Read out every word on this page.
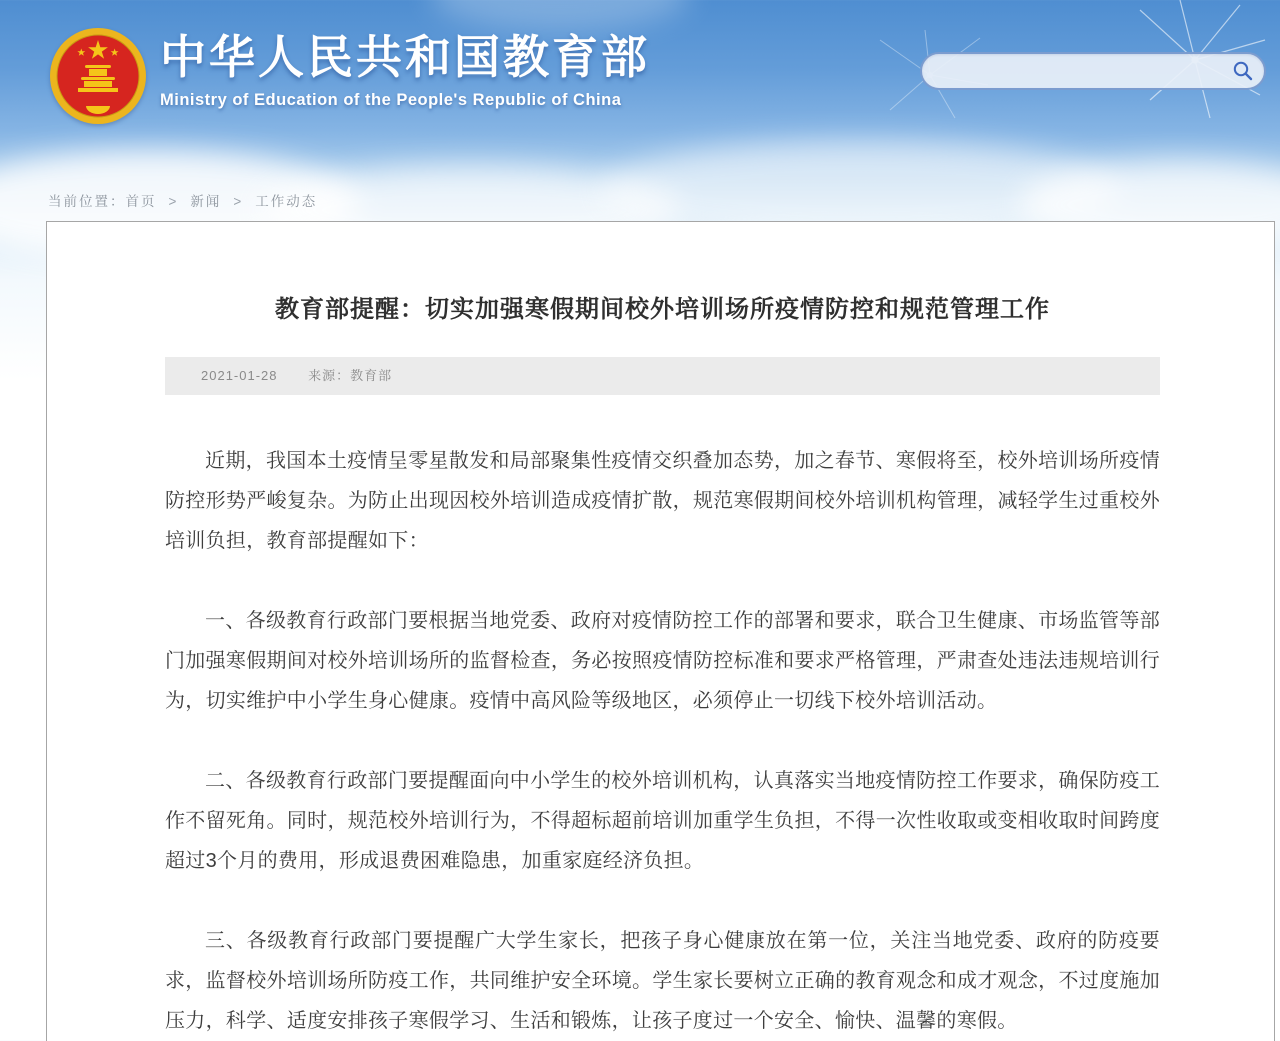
中华人民共和国教育部
Ministry of Education of the People's Republic of China
当前位置：首页 > 新闻 > 工作动态
教育部提醒：切实加强寒假期间校外培训场所疫情防控和规范管理工作
2021-01-28 来源：教育部

近期，我国本土疫情呈零星散发和局部聚集性疫情交织叠加态势，加之春节、寒假将至，校外培训场所疫情防控形势严峻复杂。为防止出现因校外培训造成疫情扩散，规范寒假期间校外培训机构管理，减轻学生过重校外培训负担，教育部提醒如下：

一、各级教育行政部门要根据当地党委、政府对疫情防控工作的部署和要求，联合卫生健康、市场监管等部门加强寒假期间对校外培训场所的监督检查，务必按照疫情防控标准和要求严格管理，严肃查处违法违规培训行为，切实维护中小学生身心健康。疫情中高风险等级地区，必须停止一切线下校外培训活动。

二、各级教育行政部门要提醒面向中小学生的校外培训机构，认真落实当地疫情防控工作要求，确保防疫工作不留死角。同时，规范校外培训行为，不得超标超前培训加重学生负担，不得一次性收取或变相收取时间跨度超过3个月的费用，形成退费困难隐患，加重家庭经济负担。

三、各级教育行政部门要提醒广大学生家长，把孩子身心健康放在第一位，关注当地党委、政府的防疫要求，监督校外培训场所防疫工作，共同维护安全环境。学生家长要树立正确的教育观念和成才观念，不过度施加压力，科学、适度安排孩子寒假学习、生活和锻炼，让孩子度过一个安全、愉快、温馨的寒假。
